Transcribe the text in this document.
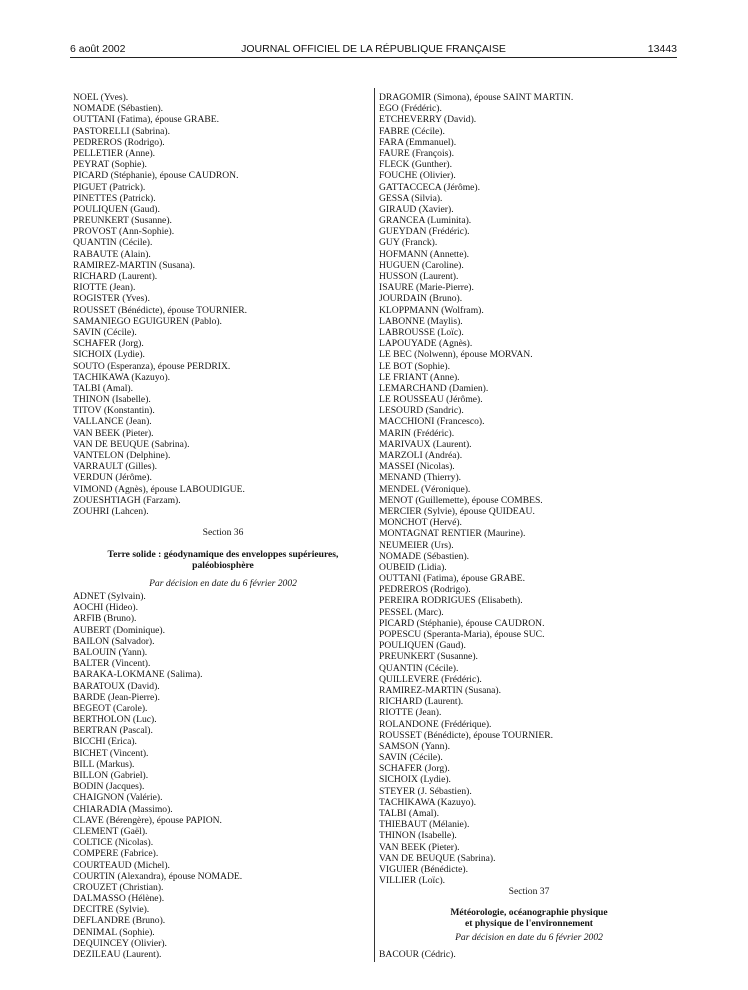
JOURNAL OFFICIEL DE LA RÉPUBLIQUE FRANÇAISE
6 août 2002	13443
NOEL (Yves).
NOMADE (Sébastien).
OUTTANI (Fatima), épouse GRABE.
PASTORELLI (Sabrina).
PEDREROS (Rodrigo).
PELLETIER (Anne).
PEYRAT (Sophie).
PICARD (Stéphanie), épouse CAUDRON.
PIGUET (Patrick).
PINETTES (Patrick).
POULIQUEN (Gaud).
PREUNKERT (Susanne).
PROVOST (Ann-Sophie).
QUANTIN (Cécile).
RABAUTE (Alain).
RAMIREZ-MARTIN (Susana).
RICHARD (Laurent).
RIOTTE (Jean).
ROGISTER (Yves).
ROUSSET (Bénédicte), épouse TOURNIER.
SAMANIEGO EGUIGUREN (Pablo).
SAVIN (Cécile).
SCHAFER (Jorg).
SICHOIX (Lydie).
SOUTO (Esperanza), épouse PERDRIX.
TACHIKAWA (Kazuyo).
TALBI (Amal).
THINON (Isabelle).
TITOV (Konstantin).
VALLANCE (Jean).
VAN BEEK (Pieter).
VAN DE BEUQUE (Sabrina).
VANTELON (Delphine).
VARRAULT (Gilles).
VERDUN (Jérôme).
VIMOND (Agnès), épouse LABOUDIGUE.
ZOUESHTIAGH (Farzam).
ZOUHRI (Lahcen).
Section 36
Terre solide : géodynamique des enveloppes supérieures,
paléobiosphère
Par décision en date du 6 février 2002
ADNET (Sylvain).
AOCHI (Hideo).
ARFIB (Bruno).
AUBERT (Dominique).
BAILON (Salvador).
BALOUIN (Yann).
BALTER (Vincent).
BARAKA-LOKMANE (Salima).
BARATOUX (David).
BARDE (Jean-Pierre).
BEGEOT (Carole).
BERTHOLON (Luc).
BERTRAN (Pascal).
BICCHI (Erica).
BICHET (Vincent).
BILL (Markus).
BILLON (Gabriel).
BODIN (Jacques).
CHAIGNON (Valérie).
CHIARADIA (Massimo).
CLAVE (Bérengère), épouse PAPION.
CLEMENT (Gaël).
COLTICE (Nicolas).
COMPERE (Fabrice).
COURTEAUD (Michel).
COURTIN (Alexandra), épouse NOMADE.
CROUZET (Christian).
DALMASSO (Hélène).
DECITRE (Sylvie).
DEFLANDRE (Bruno).
DENIMAL (Sophie).
DEQUINCEY (Olivier).
DEZILEAU (Laurent).
DRAGOMIR (Simona), épouse SAINT MARTIN.
EGO (Frédéric).
ETCHEVERRY (David).
FABRE (Cécile).
FARA (Emmanuel).
FAURE (François).
FLECK (Gunther).
FOUCHE (Olivier).
GATTACCECA (Jérôme).
GESSA (Silvia).
GIRAUD (Xavier).
GRANCEA (Luminita).
GUEYDAN (Frédéric).
GUY (Franck).
HOFMANN (Annette).
HUGUEN (Caroline).
HUSSON (Laurent).
ISAURE (Marie-Pierre).
JOURDAIN (Bruno).
KLOPPMANN (Wolfram).
LABONNE (Maylis).
LABROUSSE (Loïc).
LAPOUYADE (Agnès).
LE BEC (Nolwenn), épouse MORVAN.
LE BOT (Sophie).
LE FRIANT (Anne).
LEMARCHAND (Damien).
LE ROUSSEAU (Jérôme).
LESOURD (Sandric).
MACCHIONI (Francesco).
MARIN (Frédéric).
MARIVAUX (Laurent).
MARZOLI (Andréa).
MASSEI (Nicolas).
MENAND (Thierry).
MENDEL (Véronique).
MENOT (Guillemette), épouse COMBES.
MERCIER (Sylvie), épouse QUIDEAU.
MONCHOT (Hervé).
MONTAGNAT RENTIER (Maurine).
NEUMEIER (Urs).
NOMADE (Sébastien).
OUBEID (Lidia).
OUTTANI (Fatima), épouse GRABE.
PEDREROS (Rodrigo).
PEREIRA RODRIGUES (Elisabeth).
PESSEL (Marc).
PICARD (Stéphanie), épouse CAUDRON.
POPESCU (Speranta-Maria), épouse SUC.
POULIQUEN (Gaud).
PREUNKERT (Susanne).
QUANTIN (Cécile).
QUILLEVERE (Frédéric).
RAMIREZ-MARTIN (Susana).
RICHARD (Laurent).
RIOTTE (Jean).
ROLANDONE (Frédérique).
ROUSSET (Bénédicte), épouse TOURNIER.
SAMSON (Yann).
SAVIN (Cécile).
SCHAFER (Jorg).
SICHOIX (Lydie).
STEYER (J. Sébastien).
TACHIKAWA (Kazuyo).
TALBI (Amal).
THIEBAUT (Mélanie).
THINON (Isabelle).
VAN BEEK (Pieter).
VAN DE BEUQUE (Sabrina).
VIGUIER (Bénédicte).
VILLIER (Loïc).
Section 37
Météorologie, océanographie physique
et physique de l'environnement
Par décision en date du 6 février 2002
BACOUR (Cédric).
